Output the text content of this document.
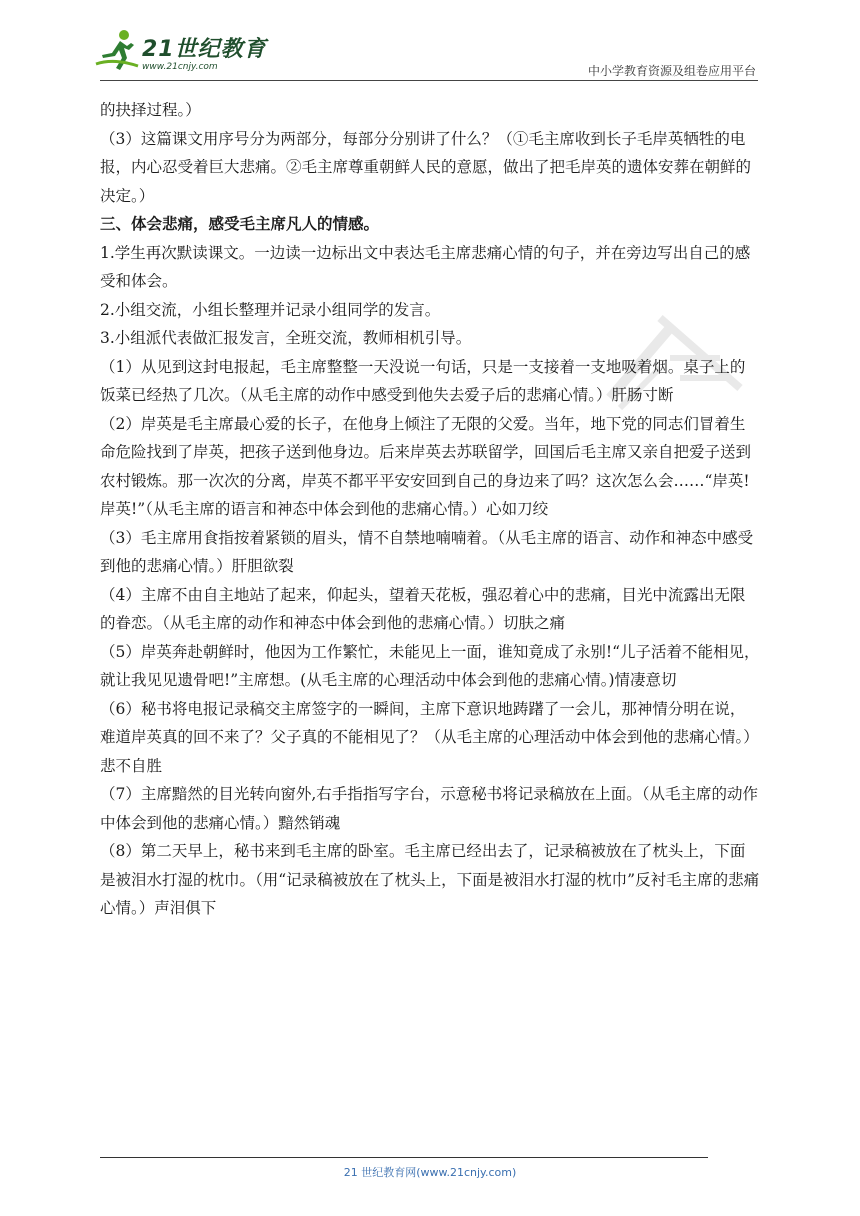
21世纪教育
www.21cnjy.com	中小学教育资源及组卷应用平台

的抉择过程。）

（3）这篇课文用序号分为两部分，每部分分别讲了什么？（①毛主席收到长子毛岸英牺牲的电报，内心忍受着巨大悲痛。②毛主席尊重朝鲜人民的意愿，做出了把毛岸英的遗体安葬在朝鲜的决定。）

三、体会悲痛，感受毛主席凡人的情感。

1.学生再次默读课文。一边读一边标出文中表达毛主席悲痛心情的句子，并在旁边写出自己的感受和体会。

2.小组交流，小组长整理并记录小组同学的发言。

3.小组派代表做汇报发言，全班交流，教师相机引导。

（1）从见到这封电报起，毛主席整整一天没说一句话，只是一支接着一支地吸着烟。桌子上的饭菜已经热了几次。（从毛主席的动作中感受到他失去爱子后的悲痛心情。）肝肠寸断

（2）岸英是毛主席最心爱的长子，在他身上倾注了无限的父爱。当年，地下党的同志们冒着生命危险找到了岸英，把孩子送到他身边。后来岸英去苏联留学，回国后毛主席又亲自把爱子送到农村锻炼。那一次次的分离，岸英不都平平安安回到自己的身边来了吗？这次怎么会……“岸英!岸英!”（从毛主席的语言和神态中体会到他的悲痛心情。）心如刀绞

（3）毛主席用食指按着紧锁的眉头，情不自禁地喃喃着。（从毛主席的语言、动作和神态中感受到他的悲痛心情。）肝胆欲裂

（4）主席不由自主地站了起来，仰起头，望着天花板，强忍着心中的悲痛，目光中流露出无限的眷恋。（从毛主席的动作和神态中体会到他的悲痛心情。）切肤之痛

（5）岸英奔赴朝鲜时，他因为工作繁忙，未能见上一面，谁知竟成了永别!“儿子活着不能相见，就让我见见遗骨吧!”主席想。(从毛主席的心理活动中体会到他的悲痛心情。)情凄意切

（6）秘书将电报记录稿交主席签字的一瞬间，主席下意识地踌躇了一会儿，那神情分明在说，难道岸英真的回不来了？父子真的不能相见了？（从毛主席的心理活动中体会到他的悲痛心情。）悲不自胜

（7）主席黯然的目光转向窗外,右手指指写字台，示意秘书将记录稿放在上面。（从毛主席的动作中体会到他的悲痛心情。）黯然销魂

（8）第二天早上，秘书来到毛主席的卧室。毛主席已经出去了，记录稿被放在了枕头上，下面是被泪水打湿的枕巾。（用“记录稿被放在了枕头上，下面是被泪水打湿的枕巾”反衬毛主席的悲痛心情。）声泪俱下

21 世纪教育网(www.21cnjy.com)
